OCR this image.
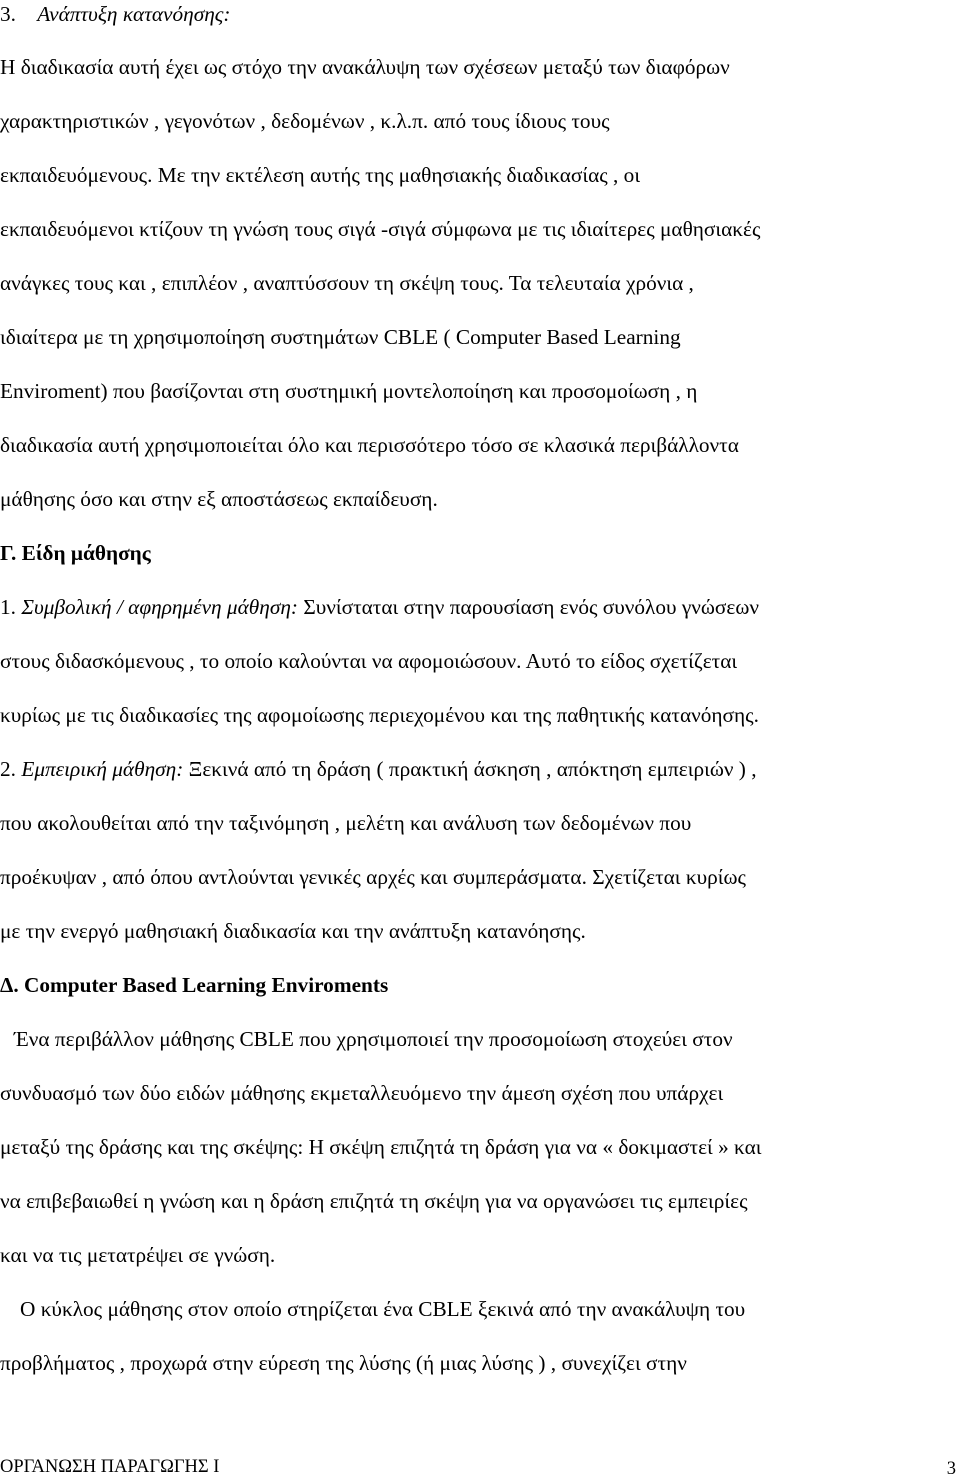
3. Ανάπτυξη κατανόησης:
Η διαδικασία αυτή έχει ως στόχο την ανακάλυψη των σχέσεων μεταξύ των διαφόρων
χαρακτηριστικών , γεγονότων , δεδομένων , κ.λ.π. από τους ίδιους τους
εκπαιδευόμενους. Με την εκτέλεση αυτής της μαθησιακής διαδικασίας , οι
εκπαιδευόμενοι κτίζουν τη γνώση τους σιγά -σιγά σύμφωνα με τις ιδιαίτερες μαθησιακές
ανάγκες τους και , επιπλέον , αναπτύσσουν τη σκέψη τους. Τα τελευταία χρόνια ,
ιδιαίτερα με τη χρησιμοποίηση συστημάτων CBLE ( Computer Based Learning
Enviroment) που βασίζονται στη συστημική μοντελοποίηση και προσομοίωση , η
διαδικασία αυτή χρησιμοποιείται όλο και περισσότερο τόσο σε κλασικά περιβάλλοντα
μάθησης όσο και στην εξ αποστάσεως εκπαίδευση.
Γ. Είδη μάθησης
1. Συμβολική / αφηρημένη μάθηση: Συνίσταται στην παρουσίαση ενός συνόλου γνώσεων
στους διδασκόμενους , το οποίο καλούνται να αφομοιώσουν. Αυτό το είδος σχετίζεται
κυρίως με τις διαδικασίες της αφομοίωσης περιεχομένου και της παθητικής κατανόησης.
2. Εμπειρική μάθηση: Ξεκινά από τη δράση ( πρακτική άσκηση , απόκτηση εμπειριών ) ,
που ακολουθείται από την ταξινόμηση , μελέτη και ανάλυση των δεδομένων που
προέκυψαν , από όπου αντλούνται γενικές αρχές και συμπεράσματα. Σχετίζεται κυρίως
με την ενεργό μαθησιακή διαδικασία και την ανάπτυξη κατανόησης.
Δ. Computer Based Learning Enviroments
Ένα περιβάλλον μάθησης CBLE που χρησιμοποιεί την προσομοίωση στοχεύει στον
συνδυασμό των δύο ειδών μάθησης εκμεταλλευόμενο την άμεση σχέση που υπάρχει
μεταξύ της δράσης και της σκέψης: Η σκέψη επιζητά τη δράση για να « δοκιμαστεί » και
να επιβεβαιωθεί η γνώση και η δράση επιζητά τη σκέψη για να οργανώσει τις εμπειρίες
και να τις μετατρέψει σε γνώση.
Ο κύκλος μάθησης στον οποίο στηρίζεται ένα CBLE ξεκινά από την ανακάλυψη του
προβλήματος , προχωρά στην εύρεση της λύσης (ή μιας λύσης ) , συνεχίζει στην
ΟΡΓΑΝΩΣΗ ΠΑΡΑΓΩΓΗΣ Ι	3
